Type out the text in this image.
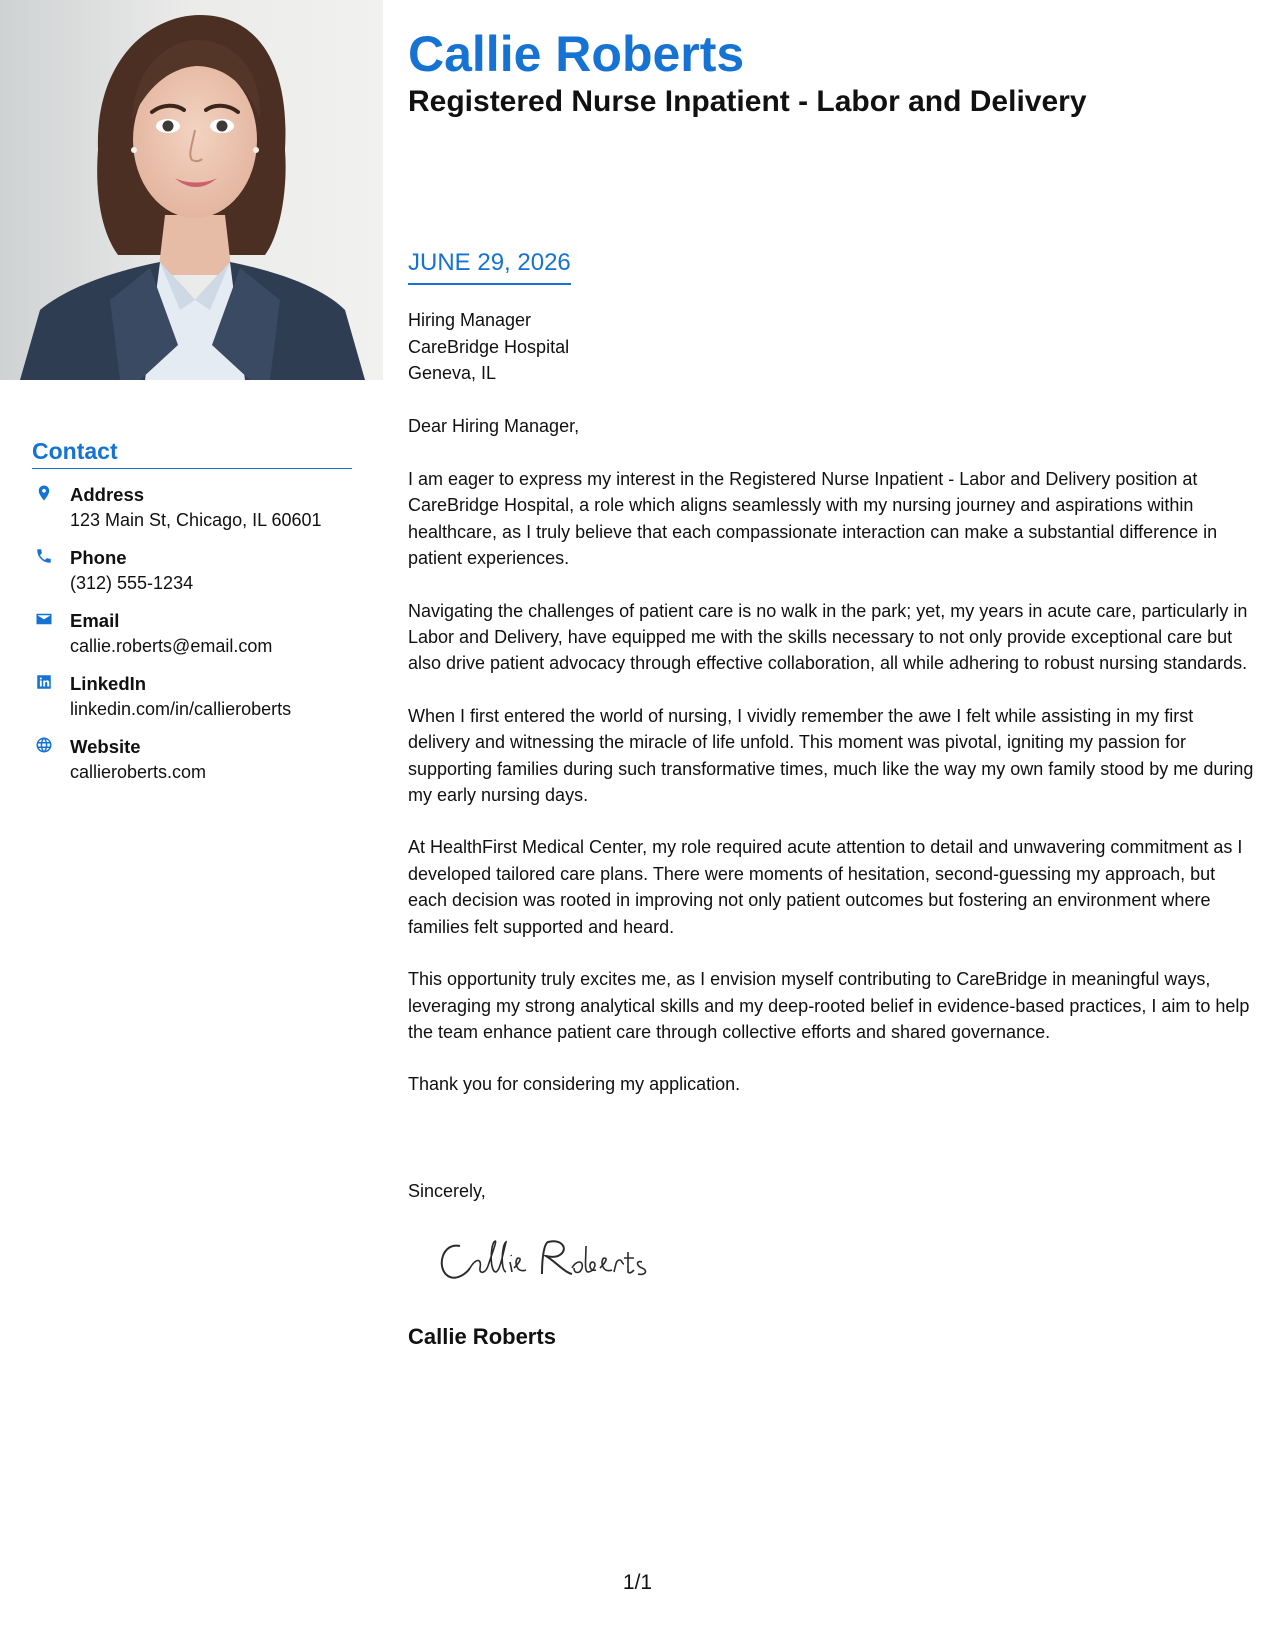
Contact
Address
123 Main St, Chicago, IL 60601
Phone
(312) 555-1234
Email
callie.roberts@email.com
LinkedIn
linkedin.com/in/callieroberts
Website
callieroberts.com
Callie Roberts
Registered Nurse Inpatient - Labor and Delivery
JUNE 29, 2026
Hiring Manager
CareBridge Hospital
Geneva, IL
Dear Hiring Manager,

I am eager to express my interest in the Registered Nurse Inpatient - Labor and Delivery position at CareBridge Hospital, a role which aligns seamlessly with my nursing journey and aspirations within healthcare, as I truly believe that each compassionate interaction can make a substantial difference in patient experiences.

Navigating the challenges of patient care is no walk in the park; yet, my years in acute care, particularly in Labor and Delivery, have equipped me with the skills necessary to not only provide exceptional care but also drive patient advocacy through effective collaboration, all while adhering to robust nursing standards.

When I first entered the world of nursing, I vividly remember the awe I felt while assisting in my first delivery and witnessing the miracle of life unfold. This moment was pivotal, igniting my passion for supporting families during such transformative times, much like the way my own family stood by me during my early nursing days.

At HealthFirst Medical Center, my role required acute attention to detail and unwavering commitment as I developed tailored care plans. There were moments of hesitation, second-guessing my approach, but each decision was rooted in improving not only patient outcomes but fostering an environment where families felt supported and heard.

This opportunity truly excites me, as I envision myself contributing to CareBridge in meaningful ways, leveraging my strong analytical skills and my deep-rooted belief in evidence-based practices, I aim to help the team enhance patient care through collective efforts and shared governance.

Thank you for considering my application.

Sincerely,
Callie Roberts
1/1
